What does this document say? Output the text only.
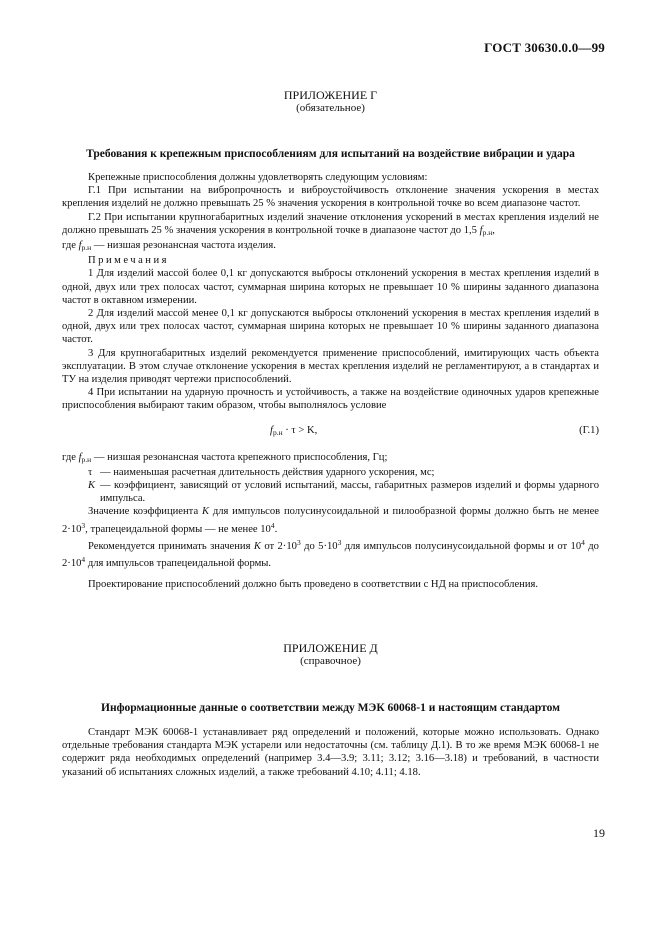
ГОСТ 30630.0.0—99
ПРИЛОЖЕНИЕ Г
(обязательное)
Требования к крепежным приспособлениям для испытаний на воздействие вибрации и удара

Крепежные приспособления должны удовлетворять следующим условиям:

Г.1 При испытании на вибропрочность и виброустойчивость отклонение значения ускорения в местах крепления изделий не должно превышать 25 % значения ускорения в контрольной точке во всем диапазоне частот.

Г.2 При испытании крупногабаритных изделий значение отклонения ускорений в местах крепления изделий не должно превышать 25 % значения ускорения в контрольной точке в диапазоне частот до 1,5 $f_{р.н}$,

где $f_{р.н}$ — низшая резонансная частота изделия.

Примечания

1 Для изделий массой более 0,1 кг допускаются выбросы отклонений ускорения в местах крепления изделий в одной, двух или трех полосах частот, суммарная ширина которых не превышает 10 % ширины заданного диапазона частот в октавном измерении.

2 Для изделий массой менее 0,1 кг допускаются выбросы отклонений ускорения в местах крепления изделий в одной, двух или трех полосах частот, суммарная ширина которых не превышает 10 % ширины заданного диапазона частот.

3 Для крупногабаритных изделий рекомендуется применение приспособлений, имитирующих часть объекта эксплуатации. В этом случае отклонение ускорения в местах крепления изделий не регламентируют, а в стандартах и ТУ на изделия приводят чертежи приспособлений.

4 При испытании на ударную прочность и устойчивость, а также на воздействие одиночных ударов крепежные приспособления выбирают таким образом, чтобы выполнялось условие

$f_{р.н} \cdot \tau > K$,	(Г.1)
где $f_{р.н}$ — низшая резонансная частота крепежного приспособления, Гц;
τ — наименьшая расчетная длительность действия ударного ускорения, мс;
K — коэффициент, зависящий от условий испытаний, массы, габаритных размеров изделий и формы ударного импульса.

Значение коэффициента K для импульсов полусинусоидальной и пилообразной формы должно быть не менее $2\cdot 10^3$, трапецеидальной формы — не менее $10^4$.

Рекомендуется принимать значения K от $2\cdot 10^3$ до $5\cdot 10^3$ для импульсов полусинусоидальной формы и от $10^4$ до $2\cdot 10^4$ для импульсов трапецеидальной формы.

Проектирование приспособлений должно быть проведено в соответствии с НД на приспособления.

ПРИЛОЖЕНИЕ Д
(справочное)
Информационные данные о соответствии между МЭК 60068-1 и настоящим стандартом

Стандарт МЭК 60068-1 устанавливает ряд определений и положений, которые можно использовать. Однако отдельные требования стандарта МЭК устарели или недостаточны (см. таблицу Д.1). В то же время МЭК 60068-1 не содержит ряда необходимых определений (например 3.4—3.9; 3.11; 3.12; 3.16—3.18) и требований, в частности указаний об испытаниях сложных изделий, а также требований 4.10; 4.11; 4.18.

19
